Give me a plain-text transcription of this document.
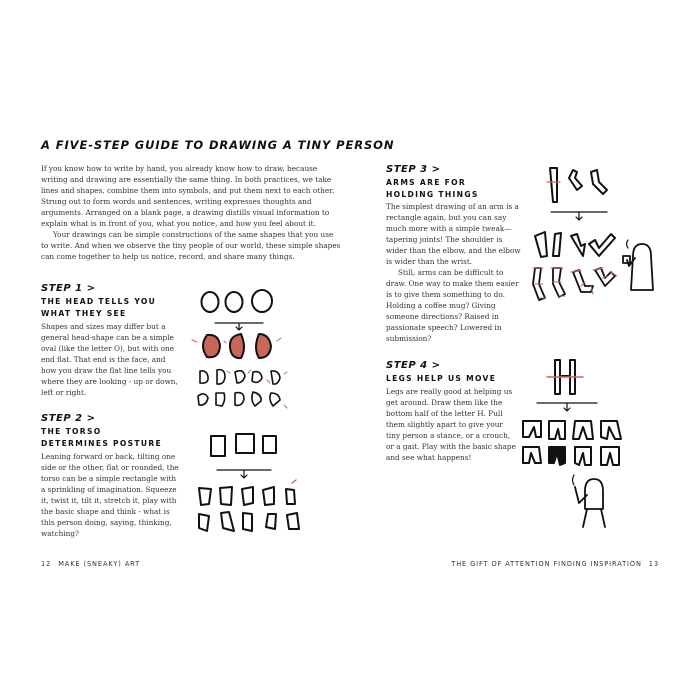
A FIVE-STEP GUIDE TO DRAWING A TINY PERSON

If you know how to write by hand, you already know how to draw, because writing and drawing are essentially the same thing. In both practices, we take lines and shapes, combine them into symbols, and put them next to each other. Strung out to form words and sentences, writing expresses thoughts and arguments. Arranged on a blank page, a drawing distills visual information to explain what is in front of you, what you notice, and how you feel about it.

Your drawings can be simple constructions of the same shapes that you use to write. And when we observe the tiny people of our world, these simple shapes can come together to help us notice, record, and share many things.

STEP 1 >
THE HEAD TELLS YOU
WHAT THEY SEE
Shapes and sizes may differ but a general head-shape can be a simple oval (like the letter O), but with one end flat. That end is the face, and how you draw the flat line tells you where they are looking - up or down, left or right.
STEP 2 >
THE TORSO
DETERMINES POSTURE
Leaning forward or back, tilting one side or the other, flat or rounded, the torso can be a simple rectangle with a sprinkling of imagination. Squeeze it, twist it, tilt it, stretch it, play with the basic shape and think - what is this person doing, saying, thinking, watching?
12 MAKE (SNEAKY) ART
STEP 3 >
ARMS ARE FOR
HOLDING THINGS

The simplest drawing of an arm is a rectangle again, but you can say much more with a simple tweak—tapering joints! The shoulder is wider than the elbow, and the elbow is wider than the wrist.

Still, arms can be difficult to draw. One way to make them easier is to give them something to do. Holding a coffee mug? Giving someone directions? Raised in passionate speech? Lowered in submission?

STEP 4 >
LEGS HELP US MOVE
Legs are really good at helping us get around. Draw them like the bottom half of the letter H. Pull them slightly apart to give your tiny person a stance, or a crouch, or a gait. Play with the basic shape and see what happens!
THE GIFT OF ATTENTION FINDING INSPIRATION 13
